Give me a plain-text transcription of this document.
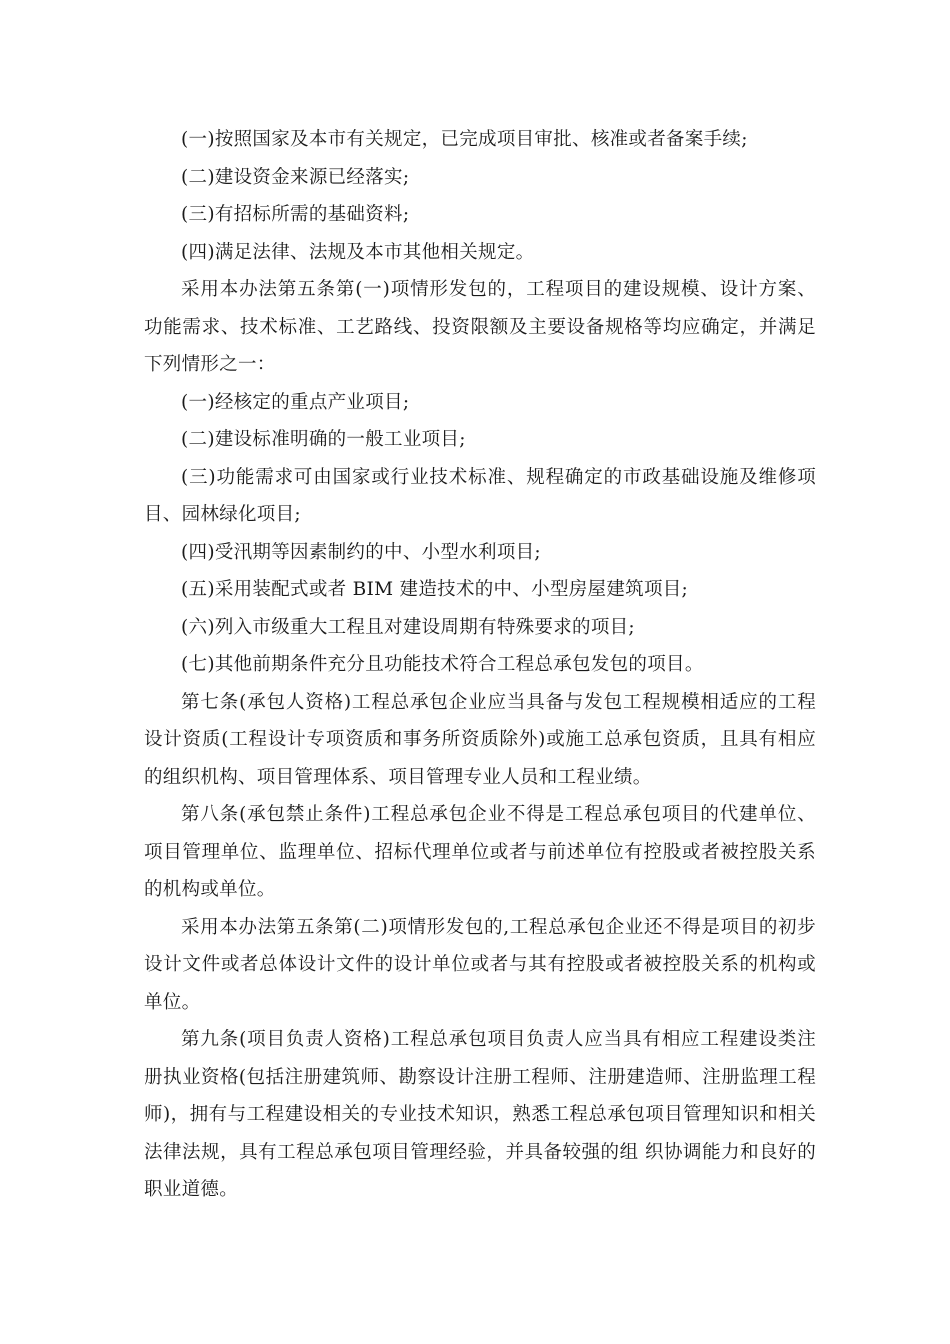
(一)按照国家及本市有关规定，已完成项目审批、核准或者备案手续;

(二)建设资金来源已经落实;

(三)有招标所需的基础资料;

(四)满足法律、法规及本市其他相关规定。

采用本办法第五条第(一)项情形发包的，工程项目的建设规模、设计方案、功能需求、技术标准、工艺路线、投资限额及主要设备规格等均应确定，并满足下列情形之一：

(一)经核定的重点产业项目;

(二)建设标准明确的一般工业项目;

(三)功能需求可由国家或行业技术标准、规程确定的市政基础设施及维修项目、园林绿化项目;

(四)受汛期等因素制约的中、小型水利项目;

(五)采用装配式或者 BIM 建造技术的中、小型房屋建筑项目;

(六)列入市级重大工程且对建设周期有特殊要求的项目;

(七)其他前期条件充分且功能技术符合工程总承包发包的项目。

第七条(承包人资格)工程总承包企业应当具备与发包工程规模相适应的工程设计资质(工程设计专项资质和事务所资质除外)或施工总承包资质，且具有相应的组织机构、项目管理体系、项目管理专业人员和工程业绩。

第八条(承包禁止条件)工程总承包企业不得是工程总承包项目的代建单位、项目管理单位、监理单位、招标代理单位或者与前述单位有控股或者被控股关系的机构或单位。

采用本办法第五条第(二)项情形发包的,工程总承包企业还不得是项目的初步设计文件或者总体设计文件的设计单位或者与其有控股或者被控股关系的机构或单位。

第九条(项目负责人资格)工程总承包项目负责人应当具有相应工程建设类注册执业资格(包括注册建筑师、勘察设计注册工程师、注册建造师、注册监理工程师)，拥有与工程建设相关的专业技术知识，熟悉工程总承包项目管理知识和相关法律法规，具有工程总承包项目管理经验，并具备较强的组 织协调能力和良好的职业道德。
